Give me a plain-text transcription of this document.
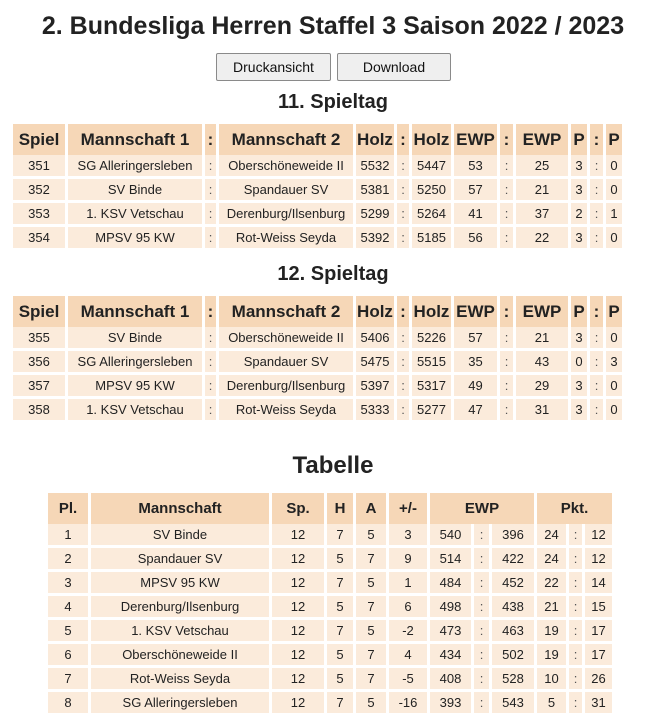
2. Bundesliga Herren Staffel 3 Saison 2022 / 2023
Druckansicht	Download
11. Spieltag
Spiel	Mannschaft 1	:	Mannschaft 2	Holz	:	Holz	EWP	:	EWP	P	:	P
351	SG Alleringersleben	:	Oberschöneweide II	5532	:	5447	53	:	25	3	:	0
352	SV Binde	:	Spandauer SV	5381	:	5250	57	:	21	3	:	0
353	1. KSV Vetschau	:	Derenburg/Ilsenburg	5299	:	5264	41	:	37	2	:	1
354	MPSV 95 KW	:	Rot-Weiss Seyda	5392	:	5185	56	:	22	3	:	0
12. Spieltag
Spiel	Mannschaft 1	:	Mannschaft 2	Holz	:	Holz	EWP	:	EWP	P	:	P
355	SV Binde	:	Oberschöneweide II	5406	:	5226	57	:	21	3	:	0
356	SG Alleringersleben	:	Spandauer SV	5475	:	5515	35	:	43	0	:	3
357	MPSV 95 KW	:	Derenburg/Ilsenburg	5397	:	5317	49	:	29	3	:	0
358	1. KSV Vetschau	:	Rot-Weiss Seyda	5333	:	5277	47	:	31	3	:	0
Tabelle
Pl.	Mannschaft	Sp.	H	A	+/-	EWP			Pkt.		
1	SV Binde	12	7	5	3	540	:	396	24	:	12
2	Spandauer SV	12	5	7	9	514	:	422	24	:	12
3	MPSV 95 KW	12	7	5	1	484	:	452	22	:	14
4	Derenburg/Ilsenburg	12	5	7	6	498	:	438	21	:	15
5	1. KSV Vetschau	12	7	5	-2	473	:	463	19	:	17
6	Oberschöneweide II	12	5	7	4	434	:	502	19	:	17
7	Rot-Weiss Seyda	12	5	7	-5	408	:	528	10	:	26
8	SG Alleringersleben	12	7	5	-16	393	:	543	5	:	31
